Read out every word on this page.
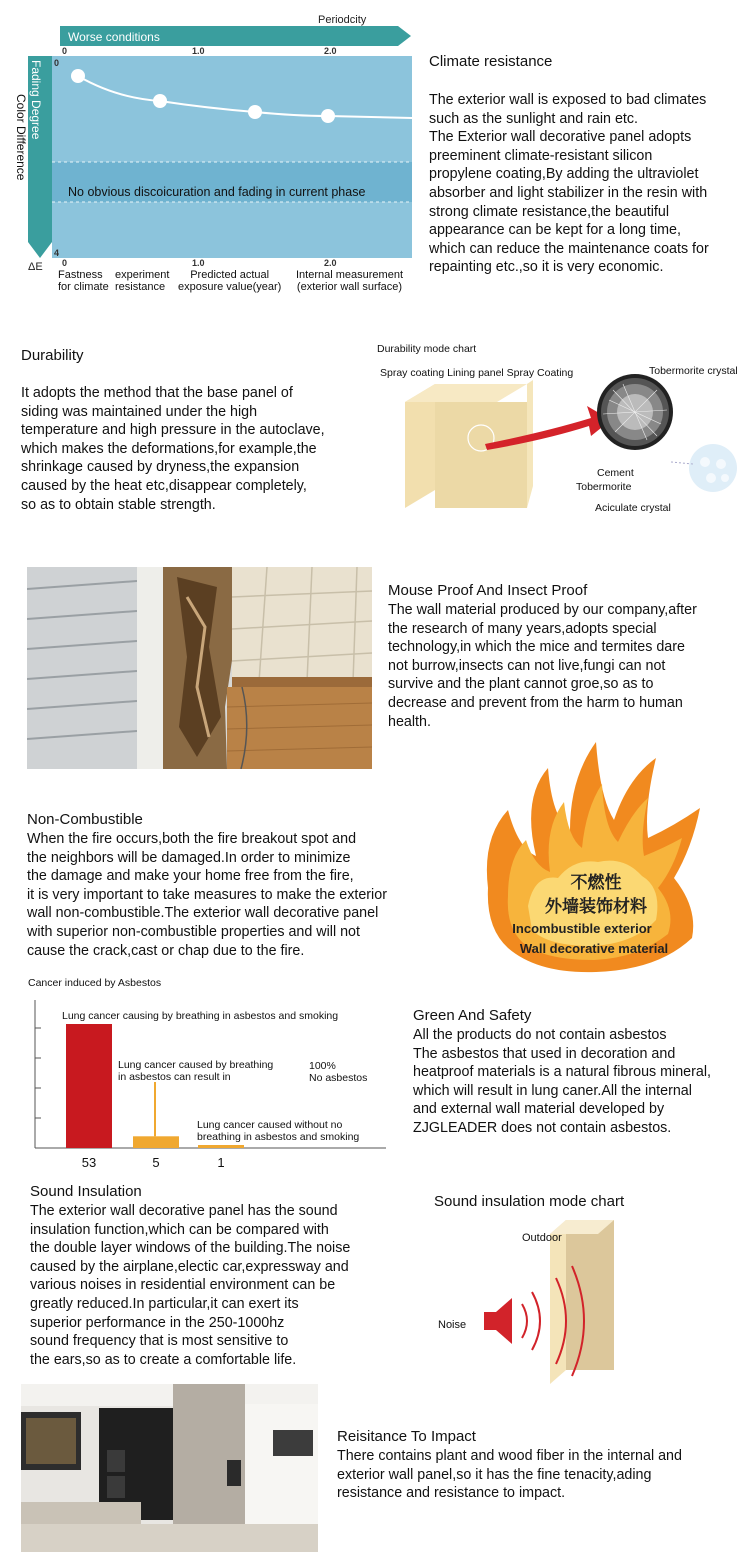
Worse conditions
Periodcity
0	1.0	2.0
No obvious discoicuration and fading in current phase
Fading Degree
Color Difference
0
4
ΔE 0	1.0	2.0
Fastness
for climate
experiment
resistance
Predicted actual
exposure value(year)
Internal measurement
(exterior wall surface)
Climate resistance

The exterior wall is exposed to bad climates
such as the sunlight and rain etc.
The Exterior wall decorative panel adopts
preeminent climate-resistant silicon
propylene coating,By adding the ultraviolet
absorber and light stabilizer in the resin with
strong climate resistance,the beautiful
appearance can be kept for a long time,
which can reduce the maintenance coats for
repainting etc.,so it is very economic.

Durability

It adopts the method that the base panel of
siding was maintained under the high
temperature and high pressure in the autoclave,
which makes the deformations,for example,the
shrinkage caused by dryness,the expansion
caused by the heat etc,disappear completely,
so as to obtain stable strength.

Durability mode chart
Spray coating Lining panel Spray Coating	Tobermorite crystal
Cement
Tobermorite
Aciculate crystal
Mouse Proof And Insect Proof

The wall material produced by our company,after
the research of many years,adopts special
technology,in which the mice and termites dare
not burrow,insects can not live,fungi can not
survive and the plant cannot groe,so as to
decrease and prevent from the harm to human
health.

Non-Combustible

When the fire occurs,both the fire breakout spot and
the neighbors will be damaged.In order to minimize
the damage and make your home free from the fire,
it is very important to take measures to make the exterior
wall non-combustible.The exterior wall decorative panel
with superior non-combustible properties and will not
cause the crack,cast or chap due to the fire.

不燃性
外墙装饰材料
Incombustible exterior
Wall decorative material
Cancer induced by Asbestos
Lung cancer causing by breathing in asbestos and smoking
Lung cancer caused by breathing
in asbestos can result in
100%
No asbestos
Lung cancer caused without no
breathing in asbestos and smoking
53	5	1
Green And Safety

All the products do not contain asbestos
The asbestos that used in decoration and
heatproof materials is a natural fibrous mineral,
which will result in lung caner.All the internal
and external wall material developed by
ZJGLEADER does not contain asbestos.

Sound Insulation

The exterior wall decorative panel has the sound
insulation function,which can be compared with
the double layer windows of the building.The noise
caused by the airplane,electic car,expressway and
various noises in residential environment can be
greatly reduced.In particular,it can exert its
superior performance in the 250-1000hz
sound frequency that is most sensitive to
the ears,so as to create a comfortable life.

Sound insulation mode chart
Outdoor
Noise
Reisitance To Impact

There contains plant and wood fiber in the internal and
exterior wall panel,so it has the fine tenacity,ading
resistance and resistance to impact.
